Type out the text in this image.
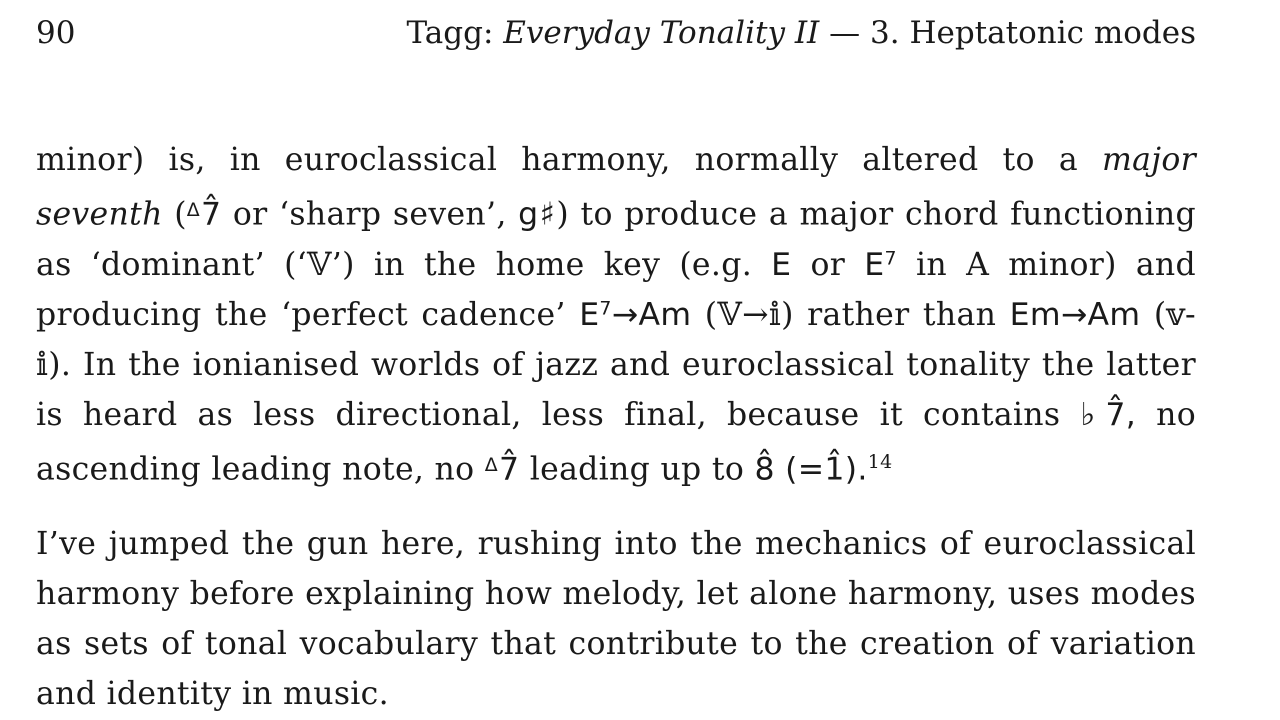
90	Tagg: Everyday Tonality II — 3. Heptatonic modes

minor) is, in euroclassical harmony, normally altered to a major seventh ($^\Delta$7̂ or ‘sharp seven’, g♯) to produce a major chord functioning as ‘dominant’ (‘𝕍’) in the home key (e.g. E or $E^7$ in A minor) and producing the ‘perfect cadence’ $E^7\to Am$ (𝕍→𝕚) rather than Em→Am (𝕧-𝕚). In the ionianised worlds of jazz and euroclassical tonality the latter is heard as less directional, less final, because it contains ♭7̂, no ascending leading note, no $^\Delta$7̂ leading up to 8̂ (=1̂).$^{14}$

I’ve jumped the gun here, rushing into the mechanics of euroclassical harmony before explaining how melody, let alone harmony, uses modes as sets of tonal vocabulary that contribute to the creation of variation and identity in music.
